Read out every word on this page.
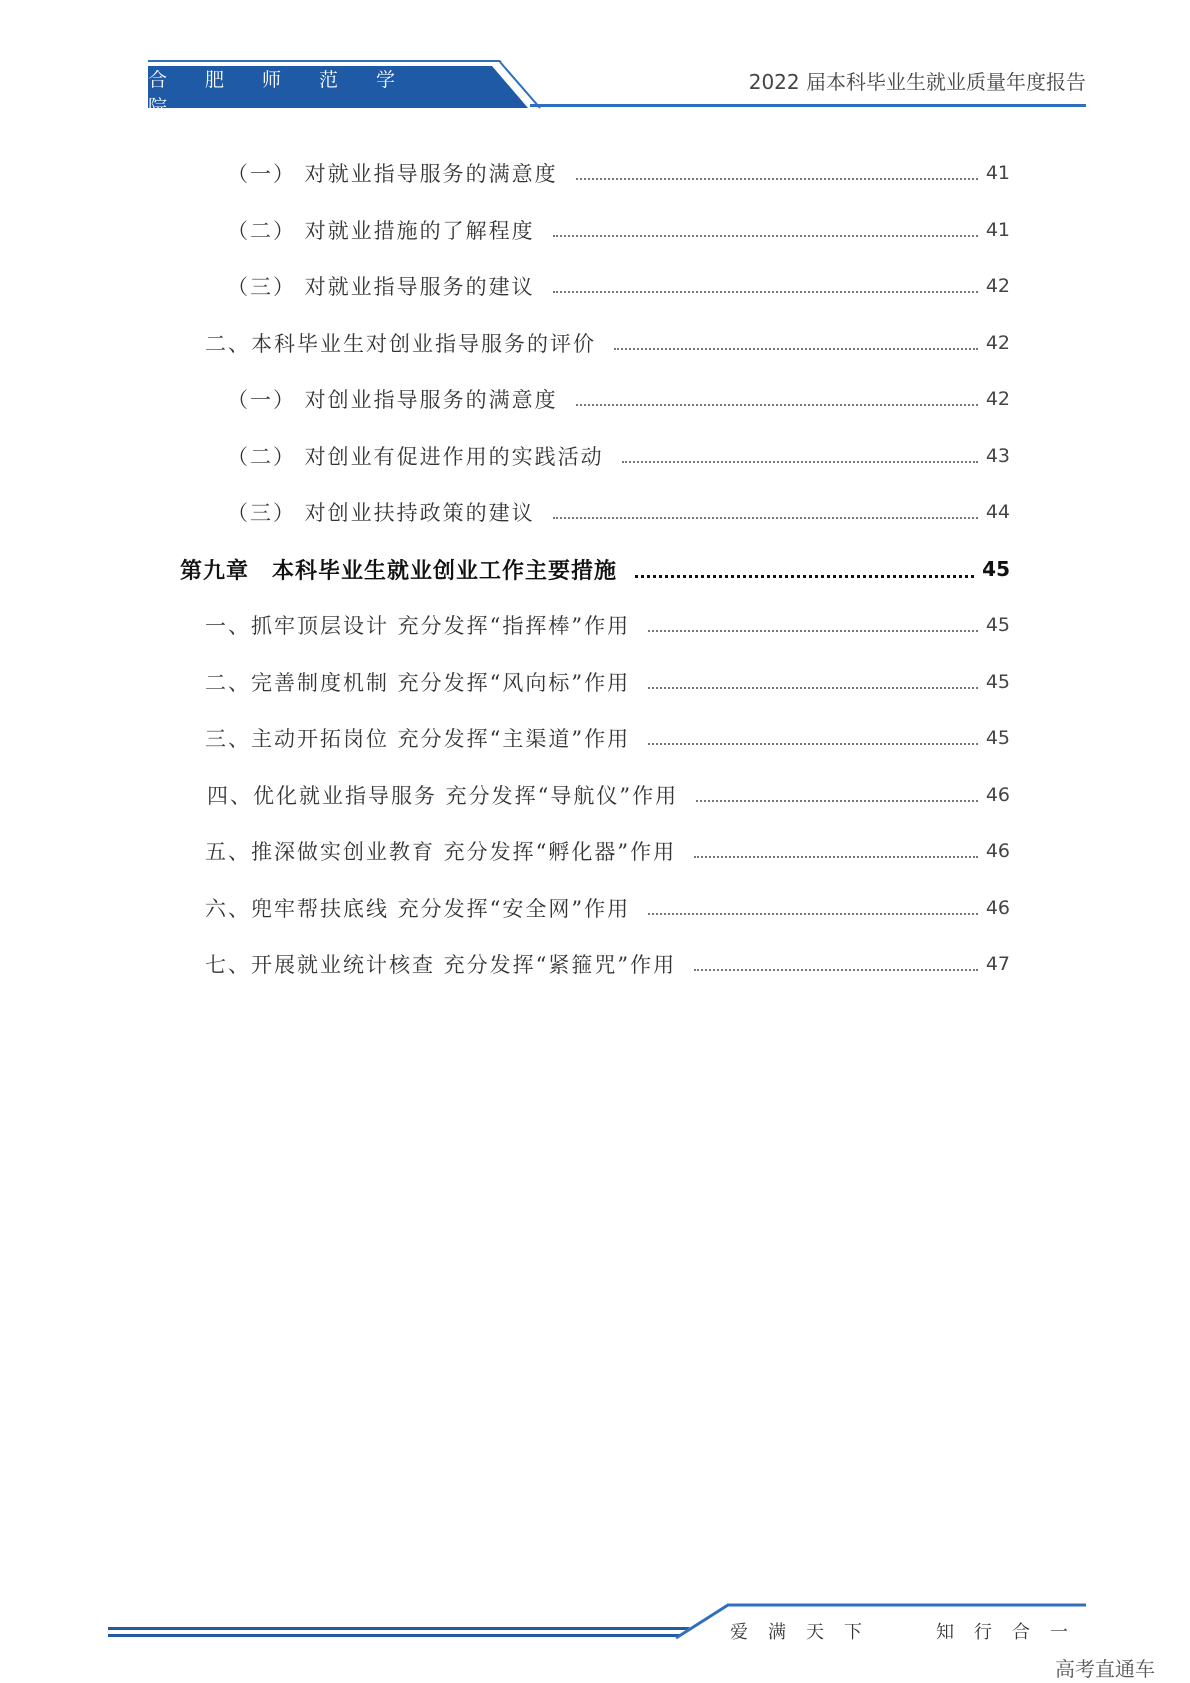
合肥师范学院
2022 届本科毕业生就业质量年度报告
（一） 对就业指导服务的满意度	41
（二） 对就业措施的了解程度	41
（三） 对就业指导服务的建议	42
二、本科毕业生对创业指导服务的评价	42
（一） 对创业指导服务的满意度	42
（二） 对创业有促进作用的实践活动	43
（三） 对创业扶持政策的建议	44
第九章　本科毕业生就业创业工作主要措施	45
一、抓牢顶层设计 充分发挥“指挥棒”作用	45
二、完善制度机制 充分发挥“风向标”作用	45
三、主动开拓岗位 充分发挥“主渠道”作用	45
四、优化就业指导服务 充分发挥“导航仪”作用	46
五、推深做实创业教育 充分发挥“孵化器”作用	46
六、兜牢帮扶底线 充分发挥“安全网”作用	46
七、开展就业统计核查 充分发挥“紧箍咒”作用	47
爱满天下	知行合一
高考直通车
